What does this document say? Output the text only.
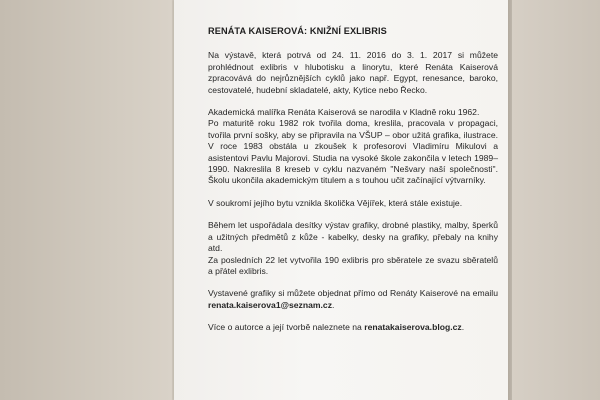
RENÁTA KAISEROVÁ: KNIŽNÍ EXLIBRIS

Na výstavě, která potrvá od 24. 11. 2016 do 3. 1. 2017 si můžete prohlédnout exlibris v hlubotisku a linorytu, které Renáta Kaiserová zpracovává do nejrůznějších cyklů jako např. Egypt, renesance, baroko, cestovatelé, hudební skladatelé, akty, Kytice nebo Řecko.

Akademická malířka Renáta Kaiserová se narodila v Kladně roku 1962.

Po maturitě roku 1982 rok tvořila doma, kreslila, pracovala v propagaci, tvořila první sošky, aby se připravila na VŠUP – obor užitá grafika, ilustrace. V roce 1983 obstála u zkoušek k profesorovi Vladimíru Mikulovi a asistentovi Pavlu Majorovi. Studia na vysoké škole zakončila v letech 1989–1990. Nakreslila 8 kreseb v cyklu nazvaném "Nešvary naší společnosti". Školu ukončila akademickým titulem a s touhou učit začínající výtvarníky.

V soukromí jejího bytu vznikla školička Vějířek, která stále existuje.

Během let uspořádala desítky výstav grafiky, drobné plastiky, malby, šperků a užitných předmětů z kůže - kabelky, desky na grafiky, přebaly na knihy atd.

Za posledních 22 let vytvořila 190 exlibris pro sběratele ze svazu sběratelů a přátel exlibris.

Vystavené grafiky si můžete objednat přímo od Renáty Kaiserové na emailu renata.kaiserova1@seznam.cz.

Více o autorce a její tvorbě naleznete na renatakaiserova.blog.cz.
